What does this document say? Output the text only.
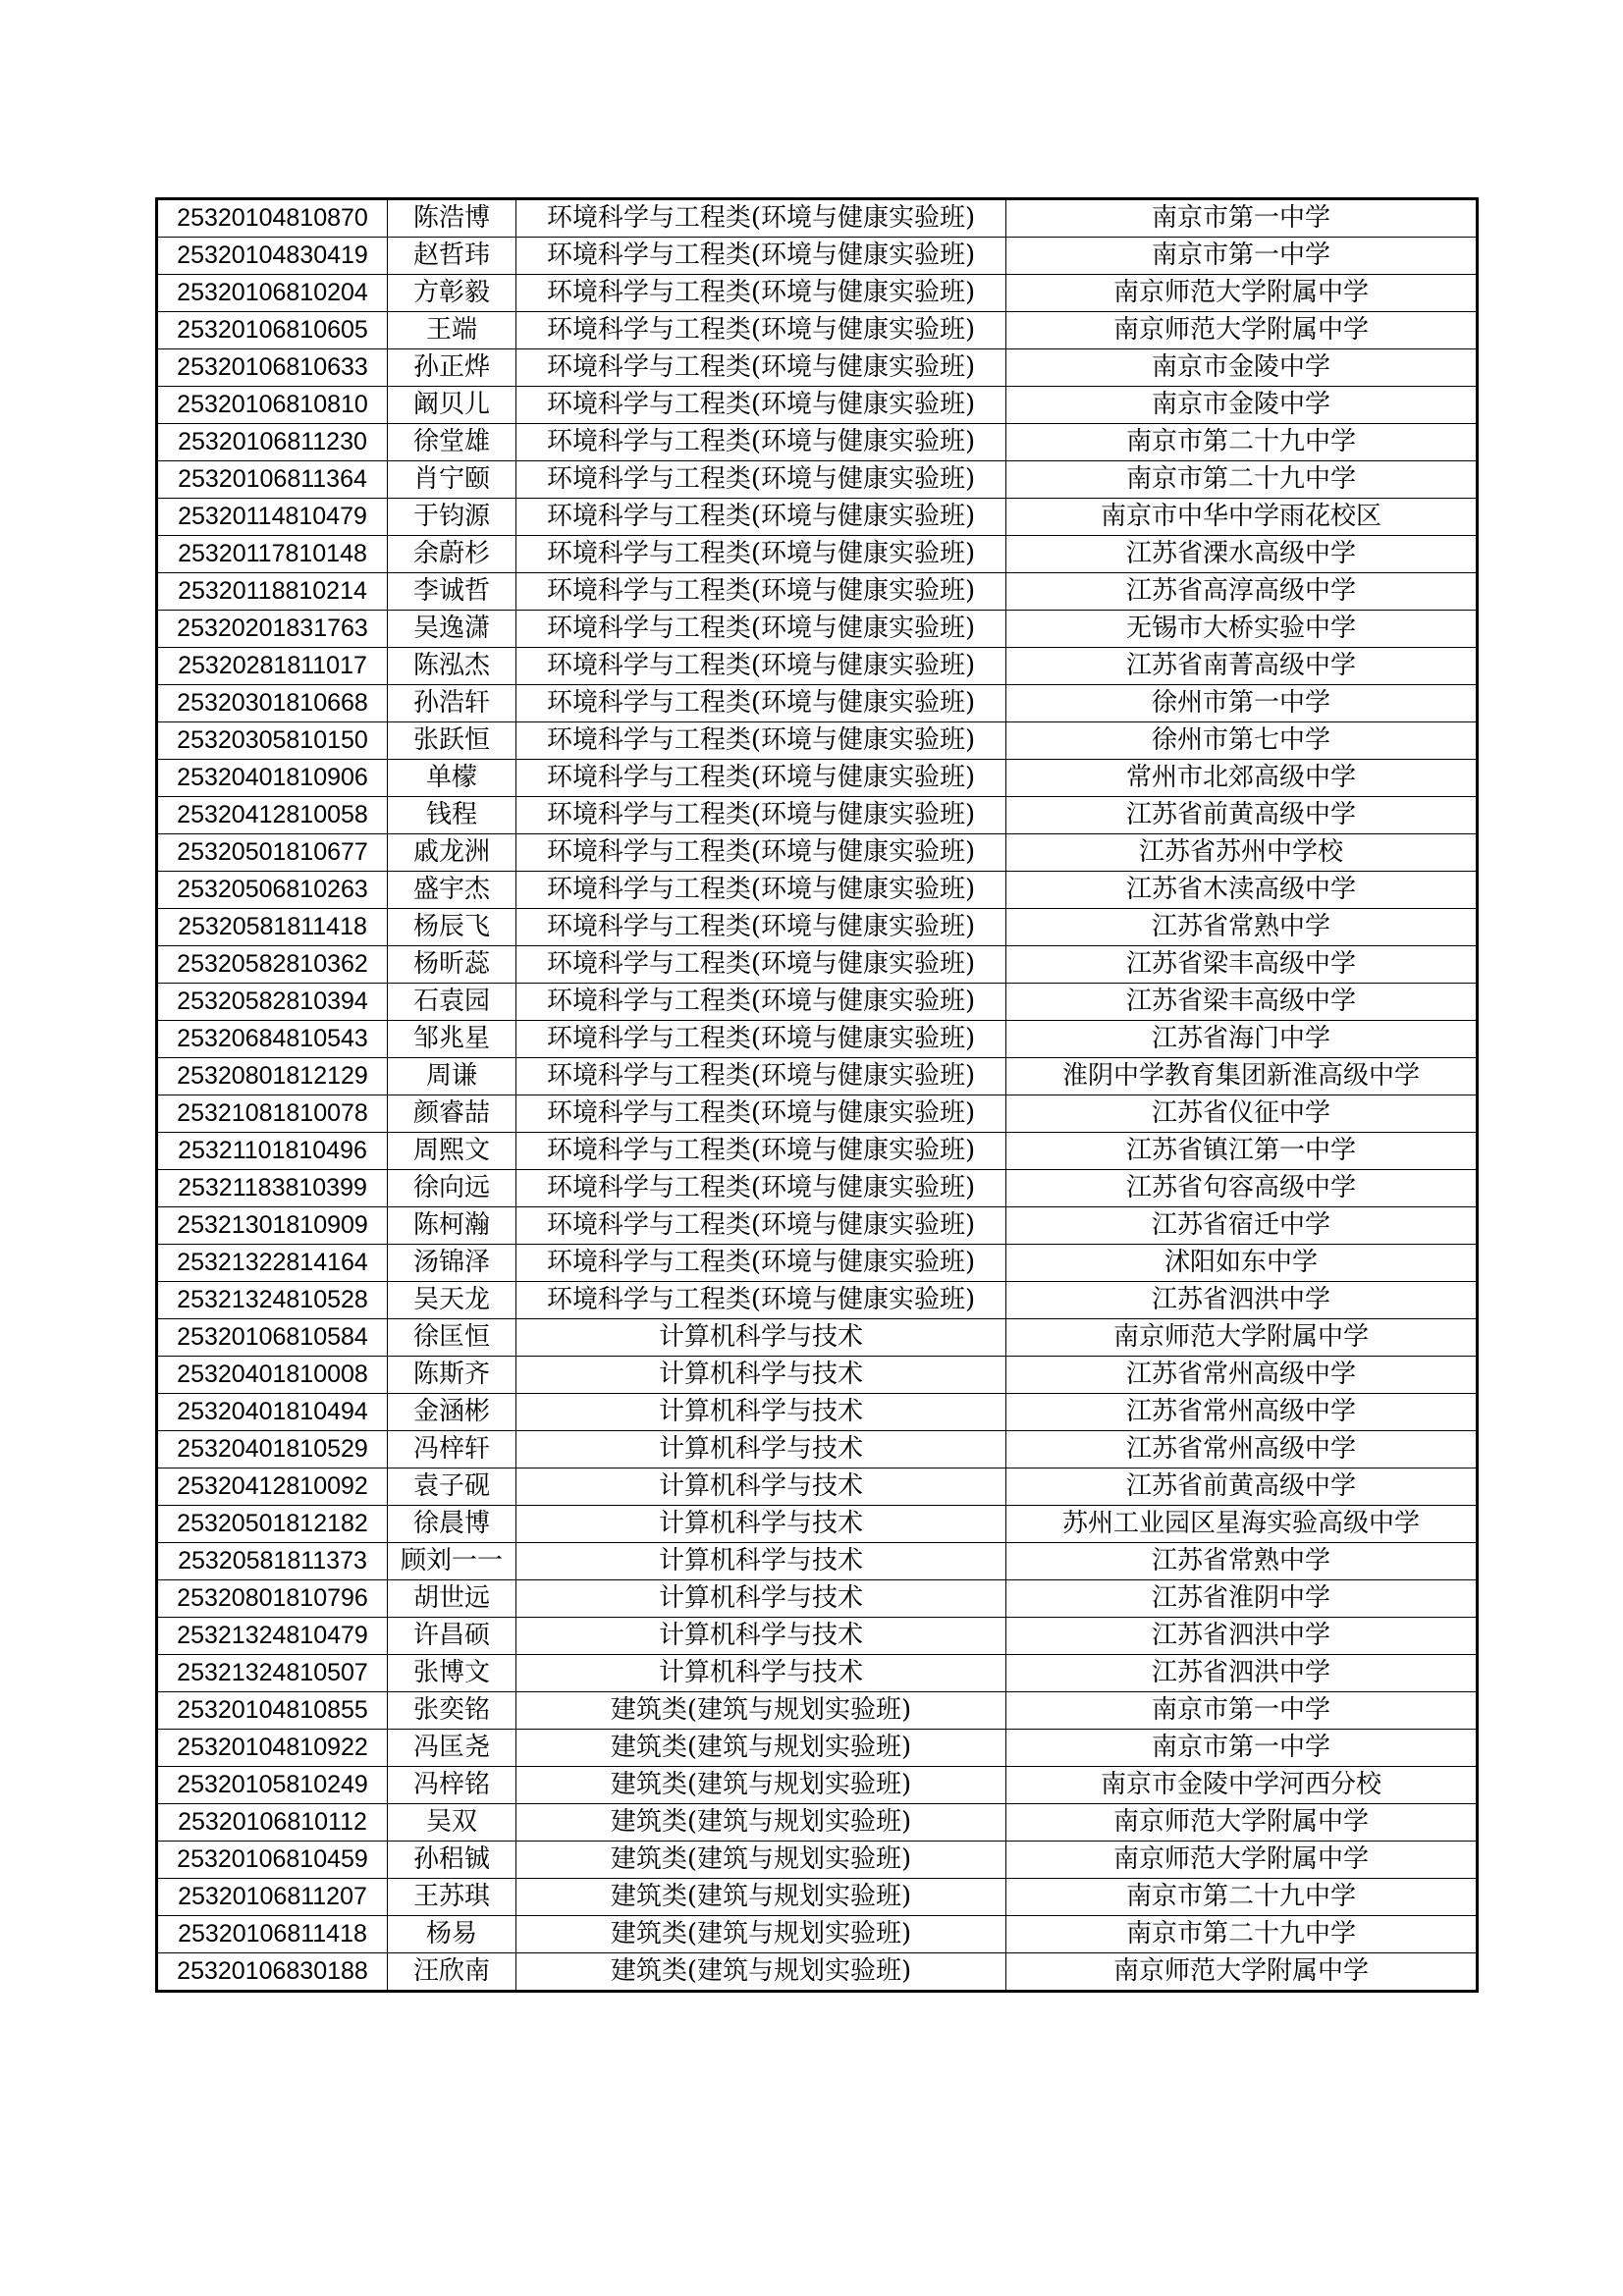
25320104810870	陈浩博	环境科学与工程类(环境与健康实验班)	南京市第一中学
25320104830419	赵哲玮	环境科学与工程类(环境与健康实验班)	南京市第一中学
25320106810204	方彰毅	环境科学与工程类(环境与健康实验班)	南京师范大学附属中学
25320106810605	王端	环境科学与工程类(环境与健康实验班)	南京师范大学附属中学
25320106810633	孙正烨	环境科学与工程类(环境与健康实验班)	南京市金陵中学
25320106810810	阚贝儿	环境科学与工程类(环境与健康实验班)	南京市金陵中学
25320106811230	徐堂雄	环境科学与工程类(环境与健康实验班)	南京市第二十九中学
25320106811364	肖宁颐	环境科学与工程类(环境与健康实验班)	南京市第二十九中学
25320114810479	于钧源	环境科学与工程类(环境与健康实验班)	南京市中华中学雨花校区
25320117810148	余蔚杉	环境科学与工程类(环境与健康实验班)	江苏省溧水高级中学
25320118810214	李诚哲	环境科学与工程类(环境与健康实验班)	江苏省高淳高级中学
25320201831763	吴逸潇	环境科学与工程类(环境与健康实验班)	无锡市大桥实验中学
25320281811017	陈泓杰	环境科学与工程类(环境与健康实验班)	江苏省南菁高级中学
25320301810668	孙浩轩	环境科学与工程类(环境与健康实验班)	徐州市第一中学
25320305810150	张跃恒	环境科学与工程类(环境与健康实验班)	徐州市第七中学
25320401810906	单檬	环境科学与工程类(环境与健康实验班)	常州市北郊高级中学
25320412810058	钱程	环境科学与工程类(环境与健康实验班)	江苏省前黄高级中学
25320501810677	戚龙洲	环境科学与工程类(环境与健康实验班)	江苏省苏州中学校
25320506810263	盛宇杰	环境科学与工程类(环境与健康实验班)	江苏省木渎高级中学
25320581811418	杨辰飞	环境科学与工程类(环境与健康实验班)	江苏省常熟中学
25320582810362	杨昕蕊	环境科学与工程类(环境与健康实验班)	江苏省梁丰高级中学
25320582810394	石袁园	环境科学与工程类(环境与健康实验班)	江苏省梁丰高级中学
25320684810543	邹兆星	环境科学与工程类(环境与健康实验班)	江苏省海门中学
25320801812129	周谦	环境科学与工程类(环境与健康实验班)	淮阴中学教育集团新淮高级中学
25321081810078	颜睿喆	环境科学与工程类(环境与健康实验班)	江苏省仪征中学
25321101810496	周熙文	环境科学与工程类(环境与健康实验班)	江苏省镇江第一中学
25321183810399	徐向远	环境科学与工程类(环境与健康实验班)	江苏省句容高级中学
25321301810909	陈柯瀚	环境科学与工程类(环境与健康实验班)	江苏省宿迁中学
25321322814164	汤锦泽	环境科学与工程类(环境与健康实验班)	沭阳如东中学
25321324810528	吴天龙	环境科学与工程类(环境与健康实验班)	江苏省泗洪中学
25320106810584	徐匡恒	计算机科学与技术	南京师范大学附属中学
25320401810008	陈斯齐	计算机科学与技术	江苏省常州高级中学
25320401810494	金涵彬	计算机科学与技术	江苏省常州高级中学
25320401810529	冯梓轩	计算机科学与技术	江苏省常州高级中学
25320412810092	袁子砚	计算机科学与技术	江苏省前黄高级中学
25320501812182	徐晨博	计算机科学与技术	苏州工业园区星海实验高级中学
25320581811373	顾刘一一	计算机科学与技术	江苏省常熟中学
25320801810796	胡世远	计算机科学与技术	江苏省淮阴中学
25321324810479	许昌硕	计算机科学与技术	江苏省泗洪中学
25321324810507	张博文	计算机科学与技术	江苏省泗洪中学
25320104810855	张奕铭	建筑类(建筑与规划实验班)	南京市第一中学
25320104810922	冯匡尧	建筑类(建筑与规划实验班)	南京市第一中学
25320105810249	冯梓铭	建筑类(建筑与规划实验班)	南京市金陵中学河西分校
25320106810112	吴双	建筑类(建筑与规划实验班)	南京师范大学附属中学
25320106810459	孙稆铖	建筑类(建筑与规划实验班)	南京师范大学附属中学
25320106811207	王苏琪	建筑类(建筑与规划实验班)	南京市第二十九中学
25320106811418	杨易	建筑类(建筑与规划实验班)	南京市第二十九中学
25320106830188	汪欣南	建筑类(建筑与规划实验班)	南京师范大学附属中学
